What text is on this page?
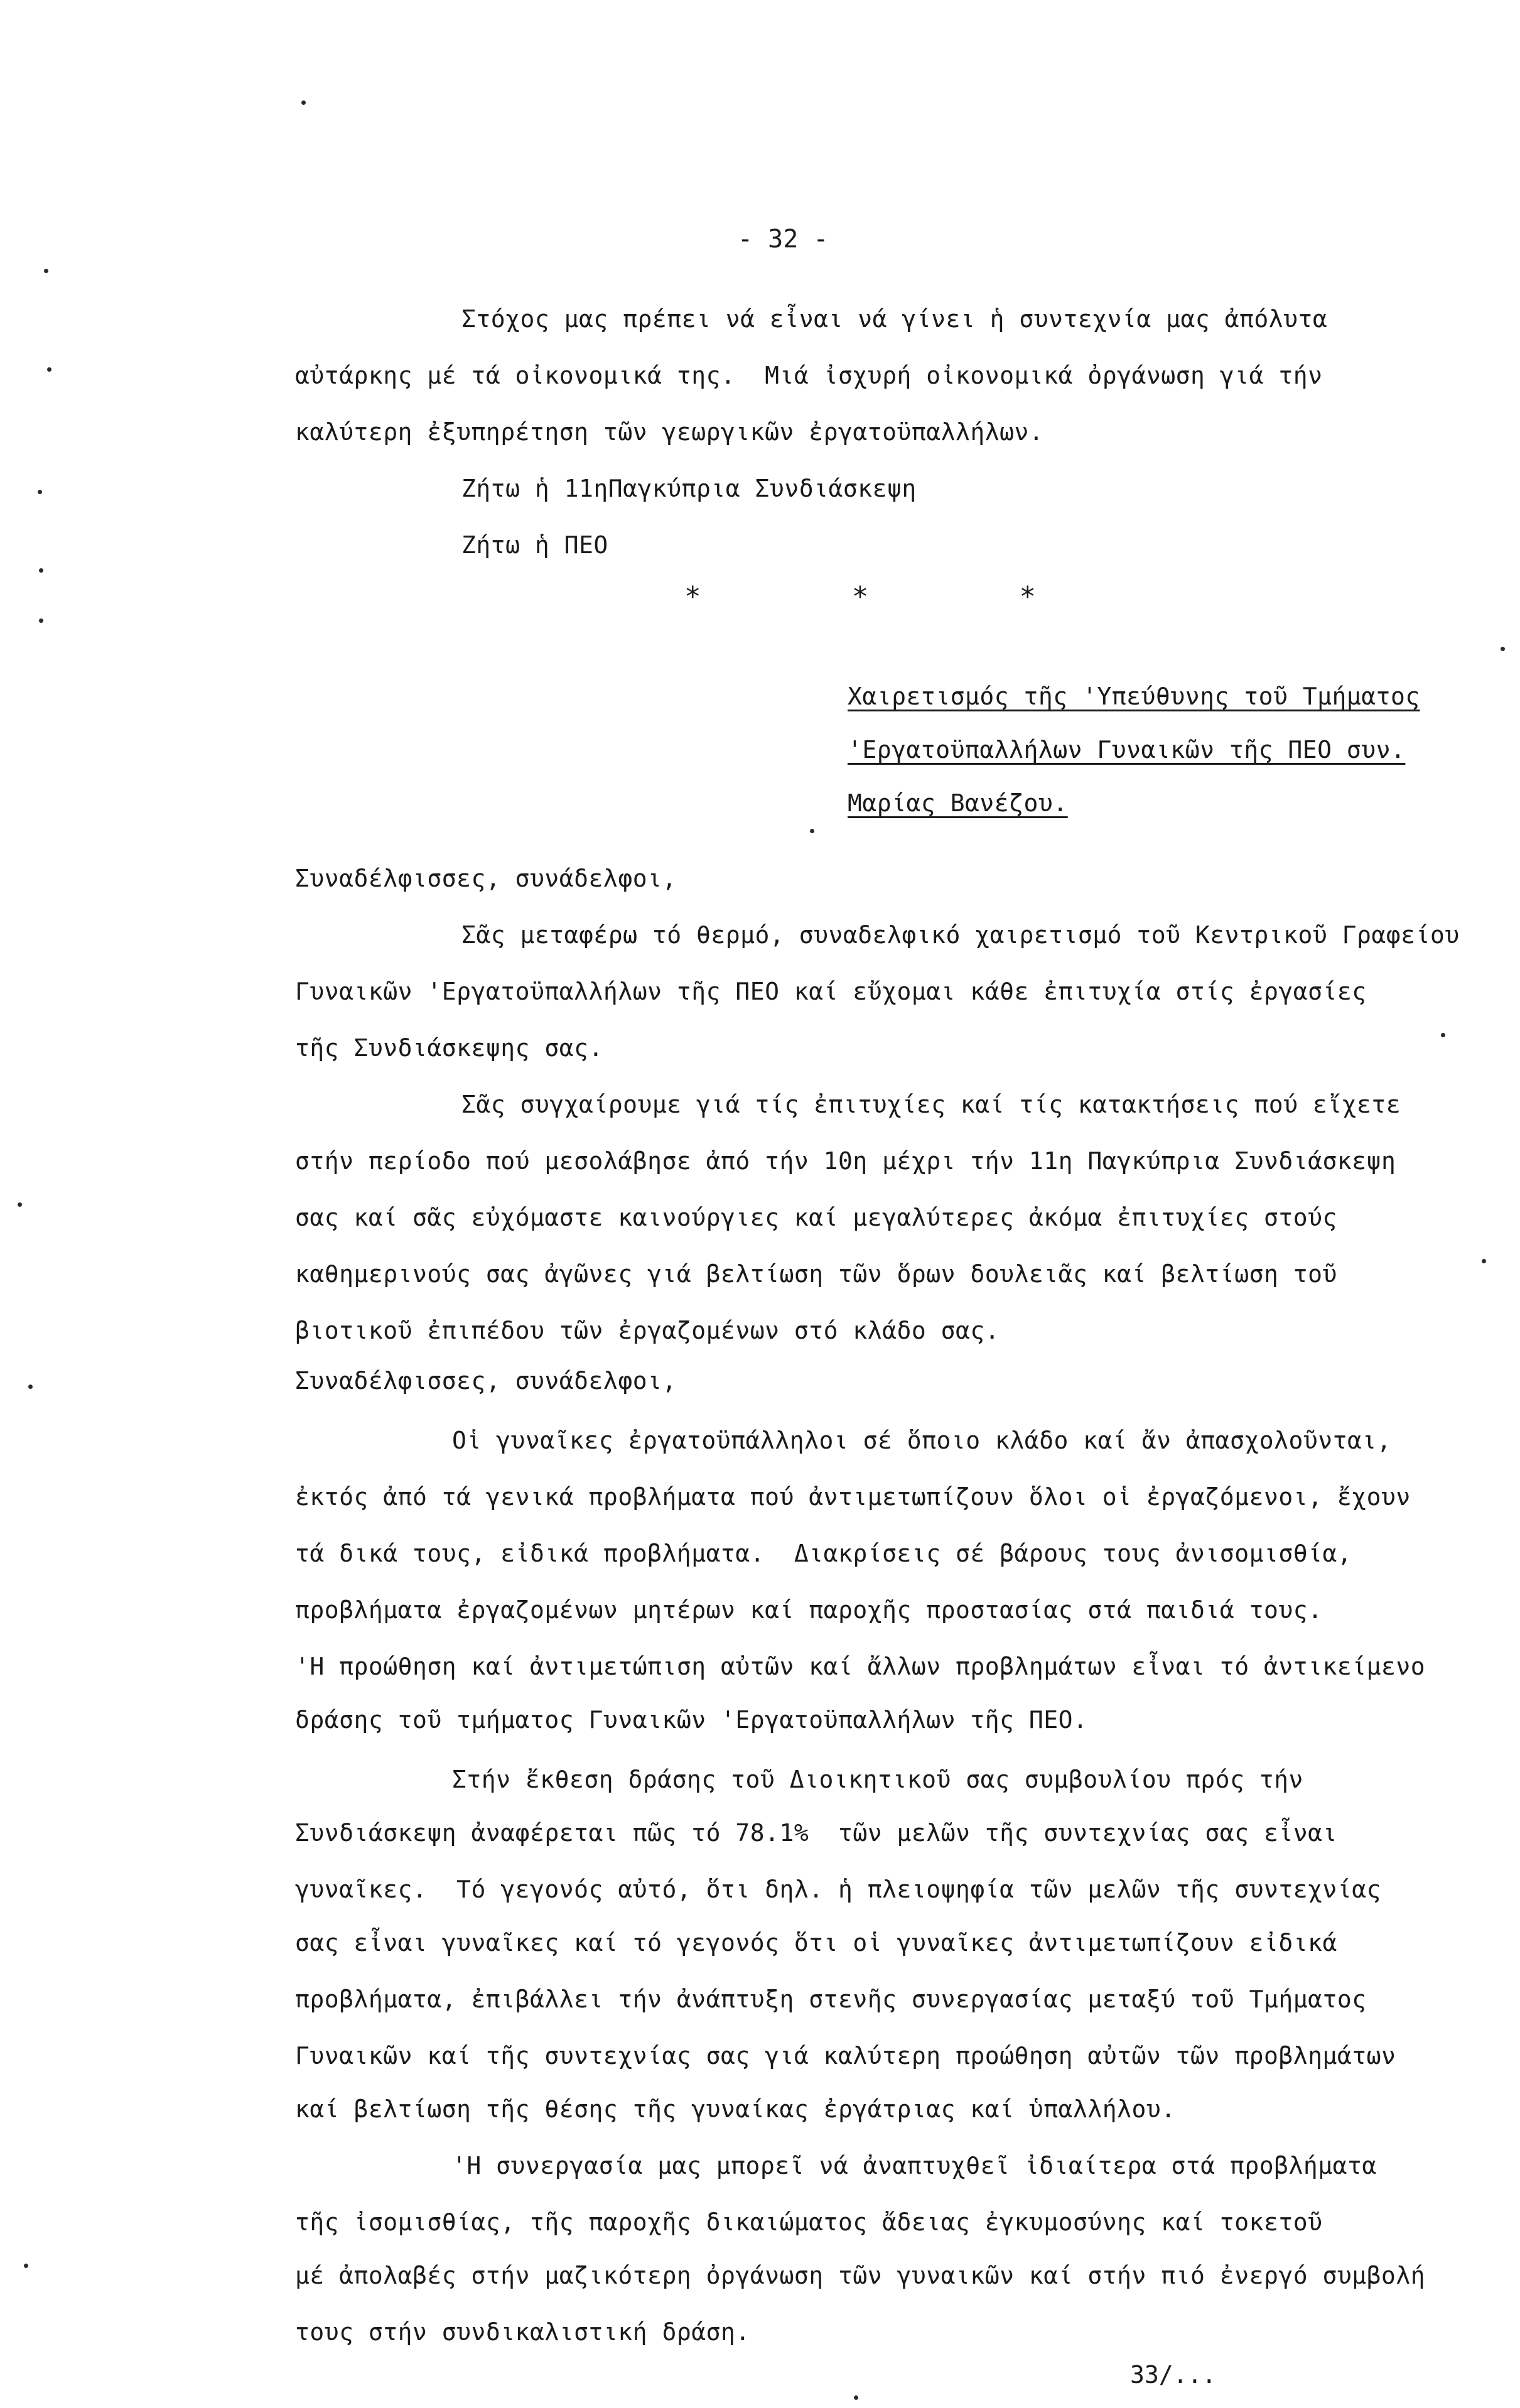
- 32 -
Στόχος μας πρέπει νά εἶναι νά γίνει ἡ συντεχνία μας ἀπόλυτα
αὐτάρκης μέ τά οἰκονομικά της.  Μιά ἰσχυρή οἰκονομικά ὀργάνωση γιά τήν
καλύτερη ἐξυπηρέτηση τῶν γεωργικῶν ἐργατοϋπαλλήλων.
Ζήτω ἡ 11ηΠαγκύπρια Συνδιάσκεψη
Ζήτω ἡ ΠΕΟ
*	*	*
Χαιρετισμός τῆς 'Υπεύθυνης τοῦ Τμήματος
'Εργατοϋπαλλήλων Γυναικῶν τῆς ΠΕΟ συν.
Μαρίας Βανέζου.
Συναδέλφισσες, συνάδελφοι,
Σᾶς μεταφέρω τό θερμό, συναδελφικό χαιρετισμό τοῦ Κεντρικοῦ Γραφείου
Γυναικῶν 'Εργατοϋπαλλήλων τῆς ΠΕΟ καί εὔχομαι κάθε ἐπιτυχία στίς ἐργασίες
τῆς Συνδιάσκεψης σας.
Σᾶς συγχαίρουμε γιά τίς ἐπιτυχίες καί τίς κατακτήσεις πού εἴχετε
στήν περίοδο πού μεσολάβησε ἀπό τήν 10η μέχρι τήν 11η Παγκύπρια Συνδιάσκεψη
σας καί σᾶς εὐχόμαστε καινούργιες καί μεγαλύτερες ἀκόμα ἐπιτυχίες στούς
καθημερινούς σας ἀγῶνες γιά βελτίωση τῶν ὅρων δουλειᾶς καί βελτίωση τοῦ
βιοτικοῦ ἐπιπέδου τῶν ἐργαζομένων στό κλάδο σας.
Συναδέλφισσες, συνάδελφοι,
Οἱ γυναῖκες ἐργατοϋπάλληλοι σέ ὅποιο κλάδο καί ἄν ἀπασχολοῦνται,
ἐκτός ἀπό τά γενικά προβλήματα πού ἀντιμετωπίζουν ὅλοι οἱ ἐργαζόμενοι, ἔχουν
τά δικά τους, εἰδικά προβλήματα.  Διακρίσεις σέ βάρους τους ἀνισομισθία,
προβλήματα ἐργαζομένων μητέρων καί παροχῆς προστασίας στά παιδιά τους.
'Η προώθηση καί ἀντιμετώπιση αὐτῶν καί ἄλλων προβλημάτων εἶναι τό ἀντικείμενο
δράσης τοῦ τμήματος Γυναικῶν 'Εργατοϋπαλλήλων τῆς ΠΕΟ.
Στήν ἔκθεση δράσης τοῦ Διοικητικοῦ σας συμβουλίου πρός τήν
Συνδιάσκεψη ἀναφέρεται πῶς τό 78.1%  τῶν μελῶν τῆς συντεχνίας σας εἶναι
γυναῖκες.  Τό γεγονός αὐτό, ὅτι δηλ. ἡ πλειοψηφία τῶν μελῶν τῆς συντεχνίας
σας εἶναι γυναῖκες καί τό γεγονός ὅτι οἱ γυναῖκες ἀντιμετωπίζουν εἰδικά
προβλήματα, ἐπιβάλλει τήν ἀνάπτυξη στενῆς συνεργασίας μεταξύ τοῦ Τμήματος
Γυναικῶν καί τῆς συντεχνίας σας γιά καλύτερη προώθηση αὐτῶν τῶν προβλημάτων
καί βελτίωση τῆς θέσης τῆς γυναίκας ἐργάτριας καί ὑπαλλήλου.
'Η συνεργασία μας μπορεῖ νά ἀναπτυχθεῖ ἰδιαίτερα στά προβλήματα
τῆς ἰσομισθίας, τῆς παροχῆς δικαιώματος ἄδειας ἐγκυμοσύνης καί τοκετοῦ
μέ ἀπολαβές στήν μαζικότερη ὀργάνωση τῶν γυναικῶν καί στήν πιό ἐνεργό συμβολή
τους στήν συνδικαλιστική δράση.
33/...
